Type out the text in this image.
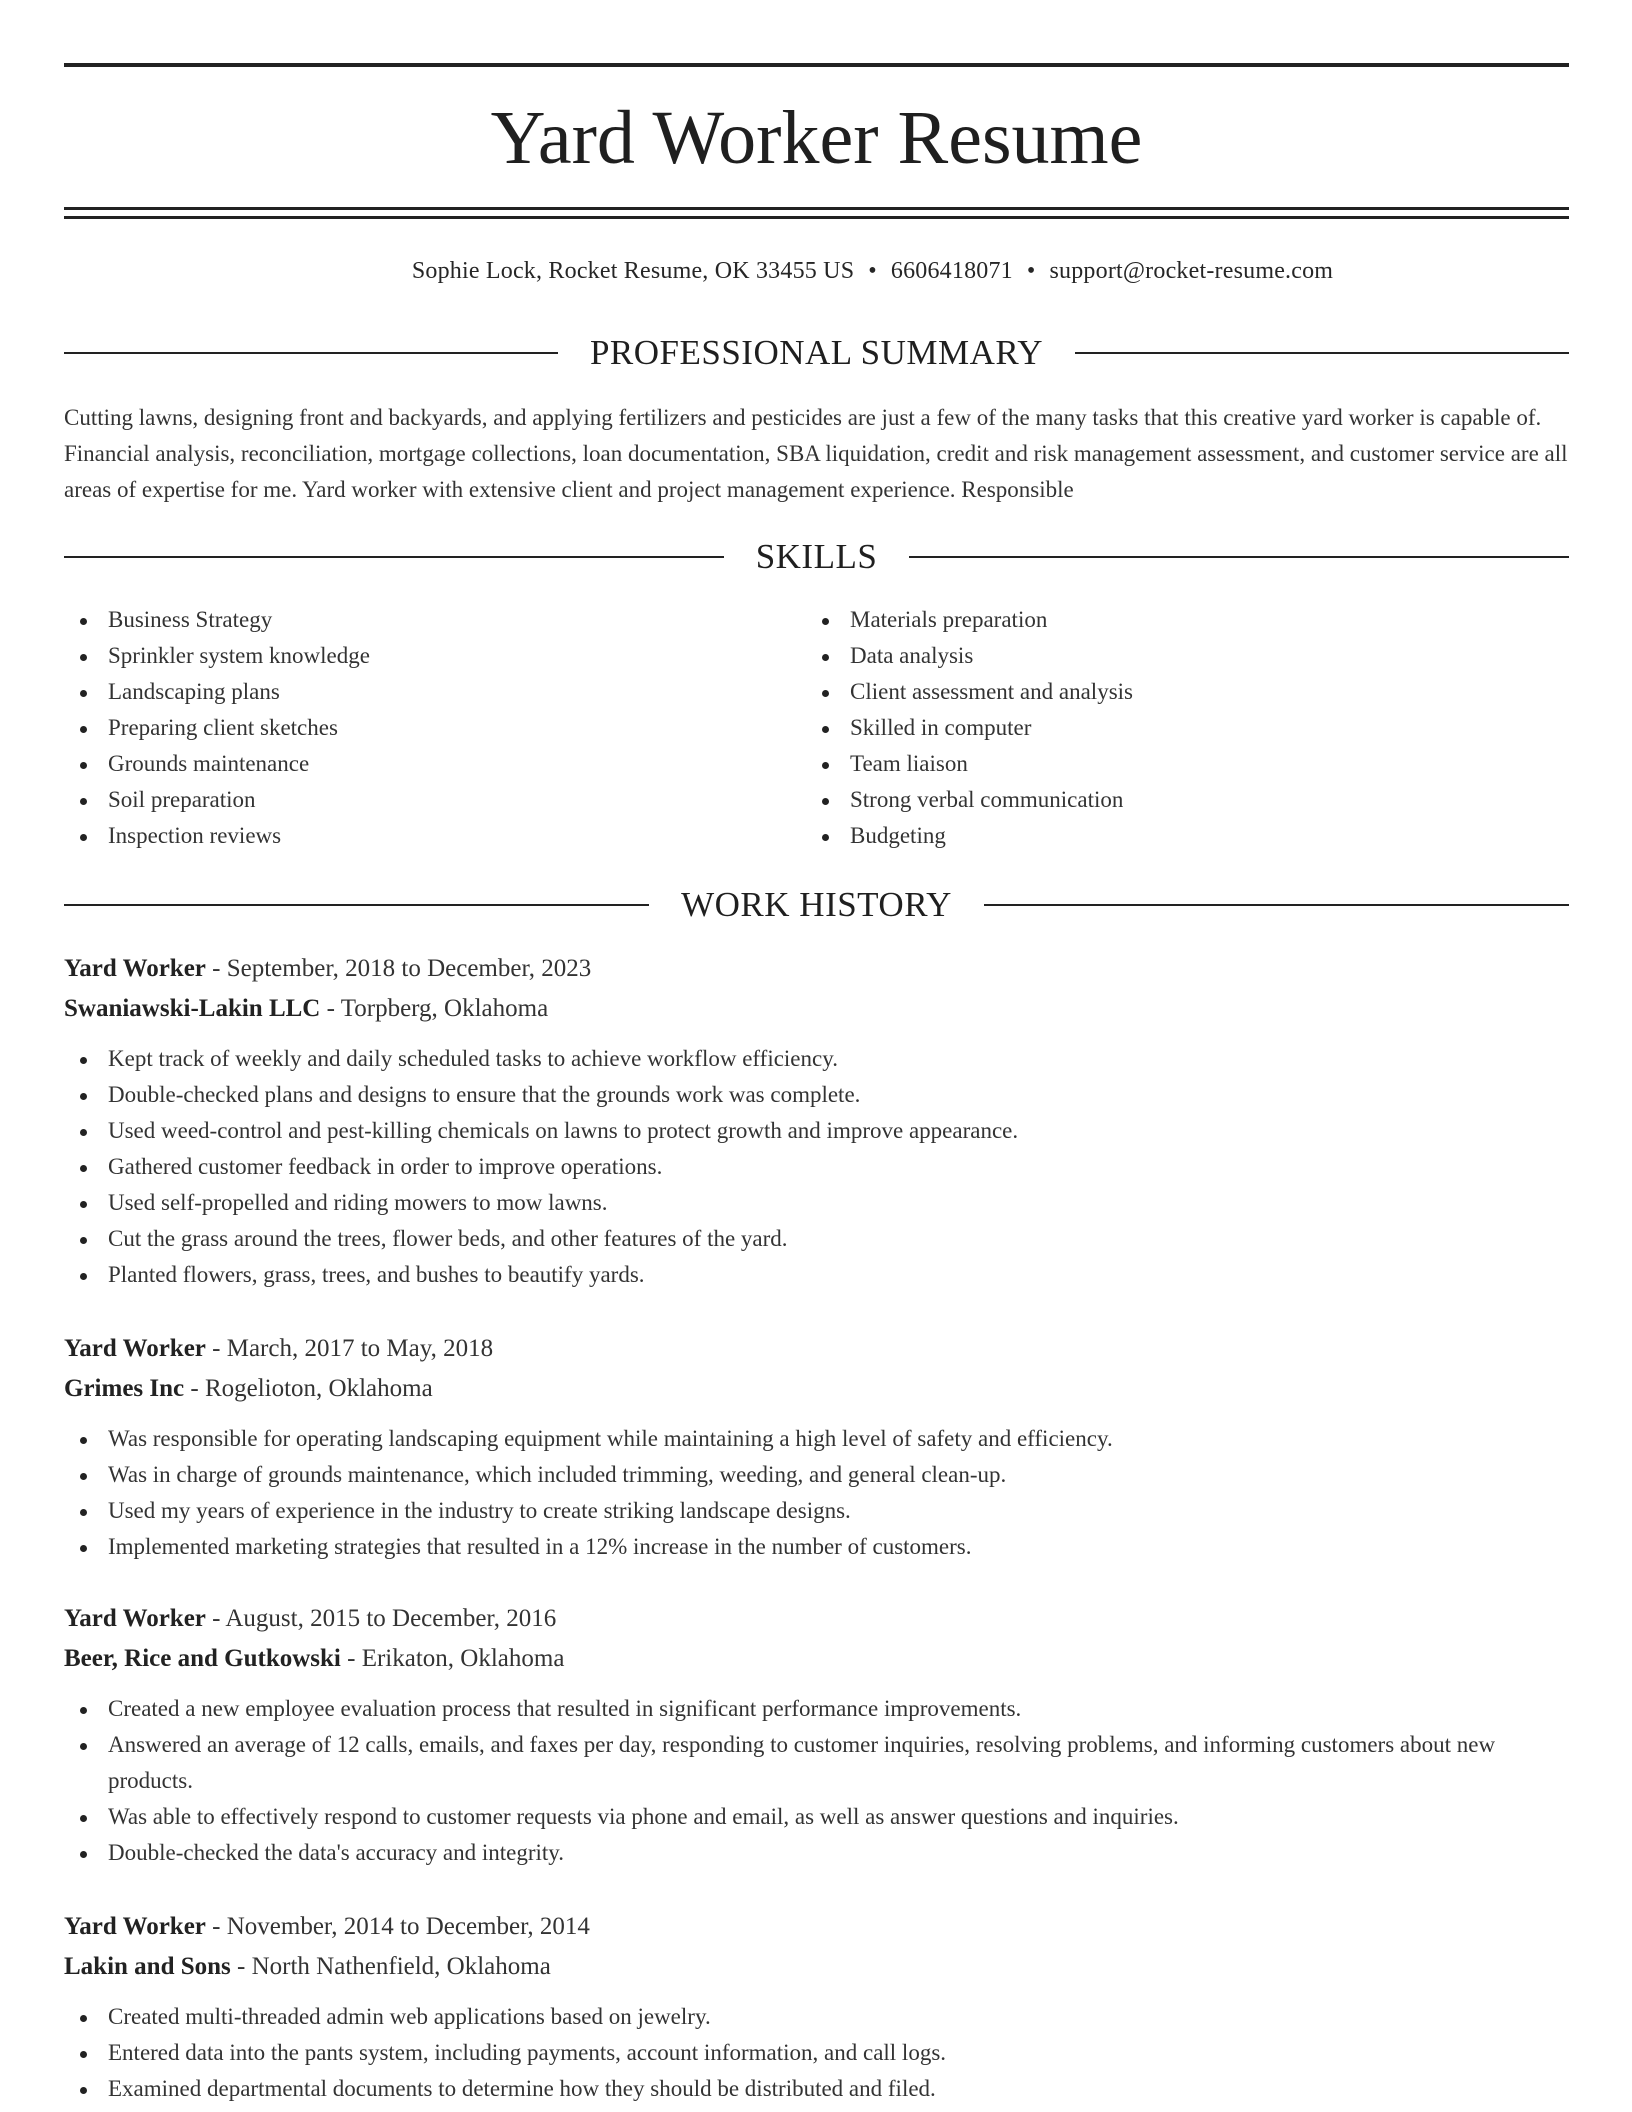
Yard Worker Resume
Sophie Lock, Rocket Resume, OK 33455 US • 6606418071 • support@rocket-resume.com
PROFESSIONAL SUMMARY
Cutting lawns, designing front and backyards, and applying fertilizers and pesticides are just a few of the many tasks that this creative yard worker is capable of. Financial analysis, reconciliation, mortgage collections, loan documentation, SBA liquidation, credit and risk management assessment, and customer service are all areas of expertise for me. Yard worker with extensive client and project management experience. Responsible
SKILLS
Business Strategy
Sprinkler system knowledge
Landscaping plans
Preparing client sketches
Grounds maintenance
Soil preparation
Inspection reviews
Materials preparation
Data analysis
Client assessment and analysis
Skilled in computer
Team liaison
Strong verbal communication
Budgeting
WORK HISTORY
Yard Worker - September, 2018 to December, 2023
Swaniawski-Lakin LLC - Torpberg, Oklahoma
Kept track of weekly and daily scheduled tasks to achieve workflow efficiency.
Double-checked plans and designs to ensure that the grounds work was complete.
Used weed-control and pest-killing chemicals on lawns to protect growth and improve appearance.
Gathered customer feedback in order to improve operations.
Used self-propelled and riding mowers to mow lawns.
Cut the grass around the trees, flower beds, and other features of the yard.
Planted flowers, grass, trees, and bushes to beautify yards.
Yard Worker - March, 2017 to May, 2018
Grimes Inc - Rogelioton, Oklahoma
Was responsible for operating landscaping equipment while maintaining a high level of safety and efficiency.
Was in charge of grounds maintenance, which included trimming, weeding, and general clean-up.
Used my years of experience in the industry to create striking landscape designs.
Implemented marketing strategies that resulted in a 12% increase in the number of customers.
Yard Worker - August, 2015 to December, 2016
Beer, Rice and Gutkowski - Erikaton, Oklahoma
Created a new employee evaluation process that resulted in significant performance improvements.
Answered an average of 12 calls, emails, and faxes per day, responding to customer inquiries, resolving problems, and informing customers about new products.
Was able to effectively respond to customer requests via phone and email, as well as answer questions and inquiries.
Double-checked the data's accuracy and integrity.
Yard Worker - November, 2014 to December, 2014
Lakin and Sons - North Nathenfield, Oklahoma
Created multi-threaded admin web applications based on jewelry.
Entered data into the pants system, including payments, account information, and call logs.
Examined departmental documents to determine how they should be distributed and filed.
